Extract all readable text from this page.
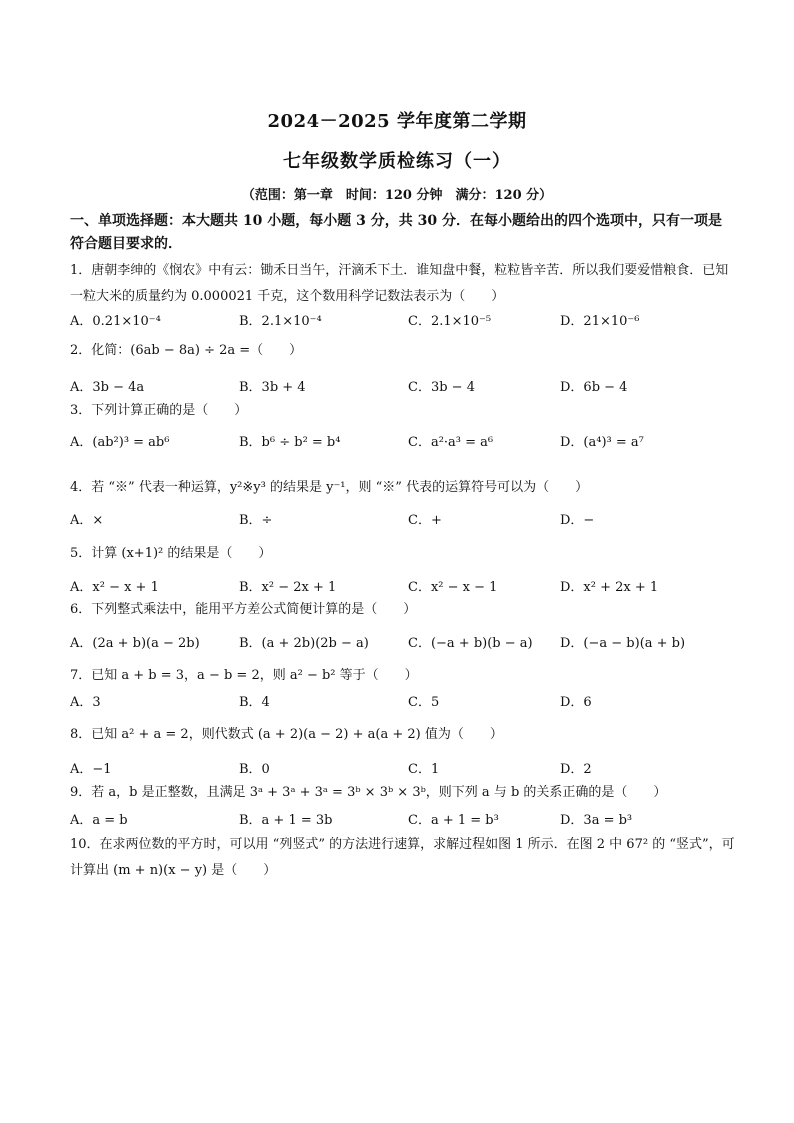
2024－2025 学年度第二学期
七年级数学质检练习（一）
（范围：第一章　时间：120 分钟　满分：120 分）
一、单项选择题：本大题共 10 小题，每小题 3 分，共 30 分．在每小题给出的四个选项中，只有一项是符合题目要求的．
1．唐朝李绅的《悯农》中有云：锄禾日当午，汗滴禾下土．谁知盘中餐，粒粒皆辛苦．所以我们要爱惜粮食．已知一粒大米的质量约为 0.000021 千克，这个数用科学记数法表示为（　　）
A．0.21×10⁻⁴	B．2.1×10⁻⁴	C．2.1×10⁻⁵	D．21×10⁻⁶
2．化简：(6ab − 8a) ÷ 2a =（　　）
A．3b − 4a	B．3b + 4	C．3b − 4	D．6b − 4
3．下列计算正确的是（　　）
A．(ab²)³ = ab⁶	B．b⁶ ÷ b² = b⁴	C．a²·a³ = a⁶	D．(a⁴)³ = a⁷
4．若 “※” 代表一种运算，y²※y³ 的结果是 y⁻¹，则 “※” 代表的运算符号可以为（　　）
A．×	B．÷	C．+	D．−
5．计算 (x+1)² 的结果是（　　）
A．x² − x + 1	B．x² − 2x + 1	C．x² − x − 1	D．x² + 2x + 1
6．下列整式乘法中，能用平方差公式简便计算的是（　　）
A．(2a + b)(a − 2b)	B．(a + 2b)(2b − a)	C．(−a + b)(b − a) D．(−a − b)(a + b)
7．已知 a + b = 3，a − b = 2，则 a² − b² 等于（　　）
A．3	B．4	C．5	D．6
8．已知 a² + a = 2，则代数式 (a + 2)(a − 2) + a(a + 2) 值为（　　）
A．−1	B．0	C．1	D．2
9．若 a，b 是正整数，且满足 3ᵃ + 3ᵃ + 3ᵃ = 3ᵇ × 3ᵇ × 3ᵇ，则下列 a 与 b 的关系正确的是（　　）
A．a = b	B．a + 1 = 3b	C．a + 1 = b³	D．3a = b³
10．在求两位数的平方时，可以用 “列竖式” 的方法进行速算，求解过程如图 1 所示．在图 2 中 67² 的 “竖式”，可计算出 (m + n)(x − y) 是（　　）
